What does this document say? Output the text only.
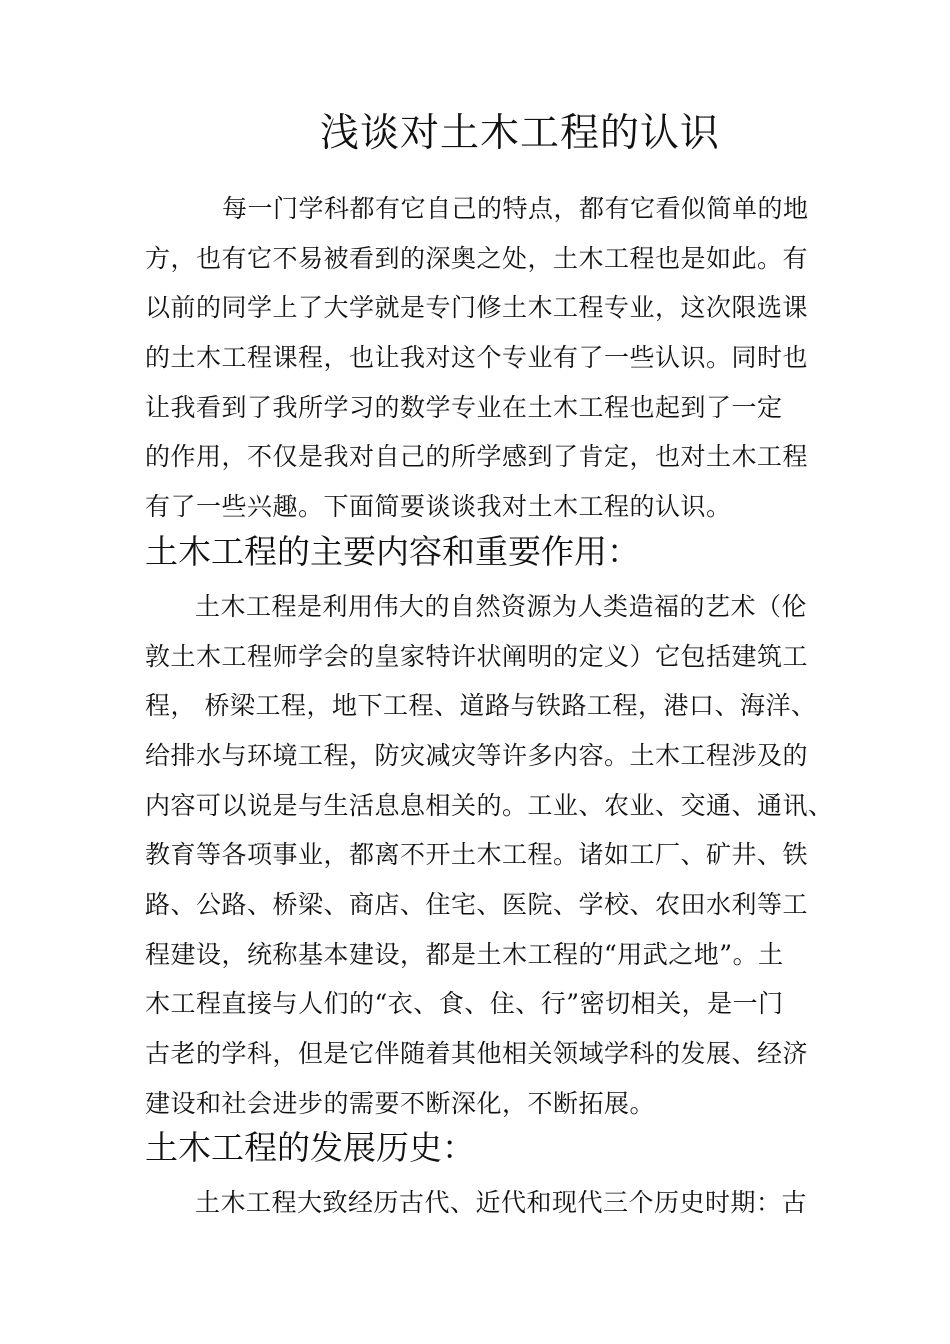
浅谈对土木工程的认识
每一门学科都有它自己的特点，都有它看似简单的地
方，也有它不易被看到的深奥之处，土木工程也是如此。有
以前的同学上了大学就是专门修土木工程专业，这次限选课
的土木工程课程，也让我对这个专业有了一些认识。同时也
让我看到了我所学习的数学专业在土木工程也起到了一定
的作用，不仅是我对自己的所学感到了肯定，也对土木工程
有了一些兴趣。下面简要谈谈我对土木工程的认识。
土木工程的主要内容和重要作用：
土木工程是利用伟大的自然资源为人类造福的艺术（伦
敦土木工程师学会的皇家特许状阐明的定义）它包括建筑工
程， 桥梁工程，地下工程、道路与铁路工程，港口、海洋、
给排水与环境工程，防灾减灾等许多内容。土木工程涉及的
内容可以说是与生活息息相关的。工业、农业、交通、通讯、
教育等各项事业，都离不开土木工程。诸如工厂、矿井、铁
路、公路、桥梁、商店、住宅、医院、学校、农田水利等工
程建设，统称基本建设，都是土木工程的“用武之地”。土
木工程直接与人们的“衣、食、住、行”密切相关，是一门
古老的学科，但是它伴随着其他相关领域学科的发展、经济
建设和社会进步的需要不断深化，不断拓展。
土木工程的发展历史：
土木工程大致经历古代、近代和现代三个历史时期：古
